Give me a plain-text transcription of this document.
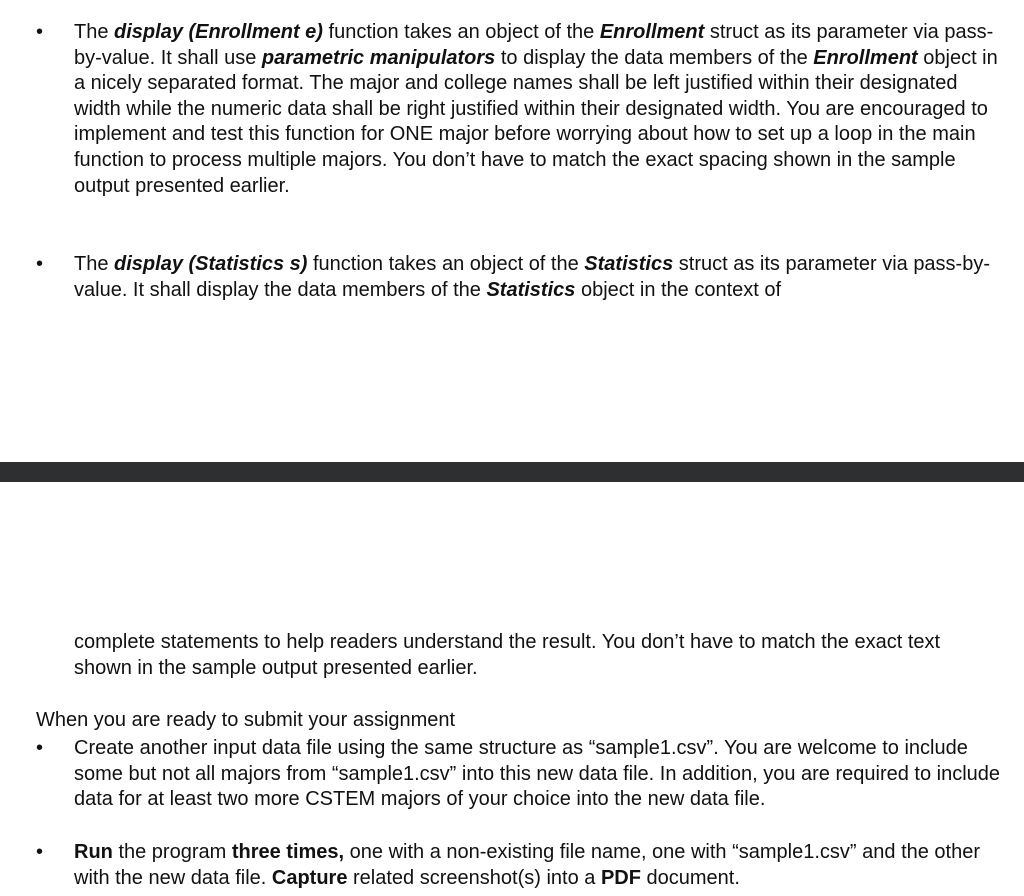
•	The display (Enrollment e) function takes an object of the Enrollment struct as its parameter via pass-by-value. It shall use parametric manipulators to display the data members of the Enrollment object in a nicely separated format. The major and college names shall be left justified within their designated width while the numeric data shall be right justified within their designated width. You are encouraged to implement and test this function for ONE major before worrying about how to set up a loop in the main function to process multiple majors. You don’t have to match the exact spacing shown in the sample output presented earlier.

•	The display (Statistics s) function takes an object of the Statistics struct as its parameter via pass-by-value. It shall display the data members of the Statistics object in the context of

complete statements to help readers understand the result. You don’t have to match the exact text shown in the sample output presented earlier.

When you are ready to submit your assignment

•	Create another input data file using the same structure as “sample1.csv”. You are welcome to include some but not all majors from “sample1.csv” into this new data file. In addition, you are required to include data for at least two more CSTEM majors of your choice into the new data file.

•	Run the program three times, one with a non-existing file name, one with “sample1.csv” and the other with the new data file. Capture related screenshot(s) into a PDF document.
